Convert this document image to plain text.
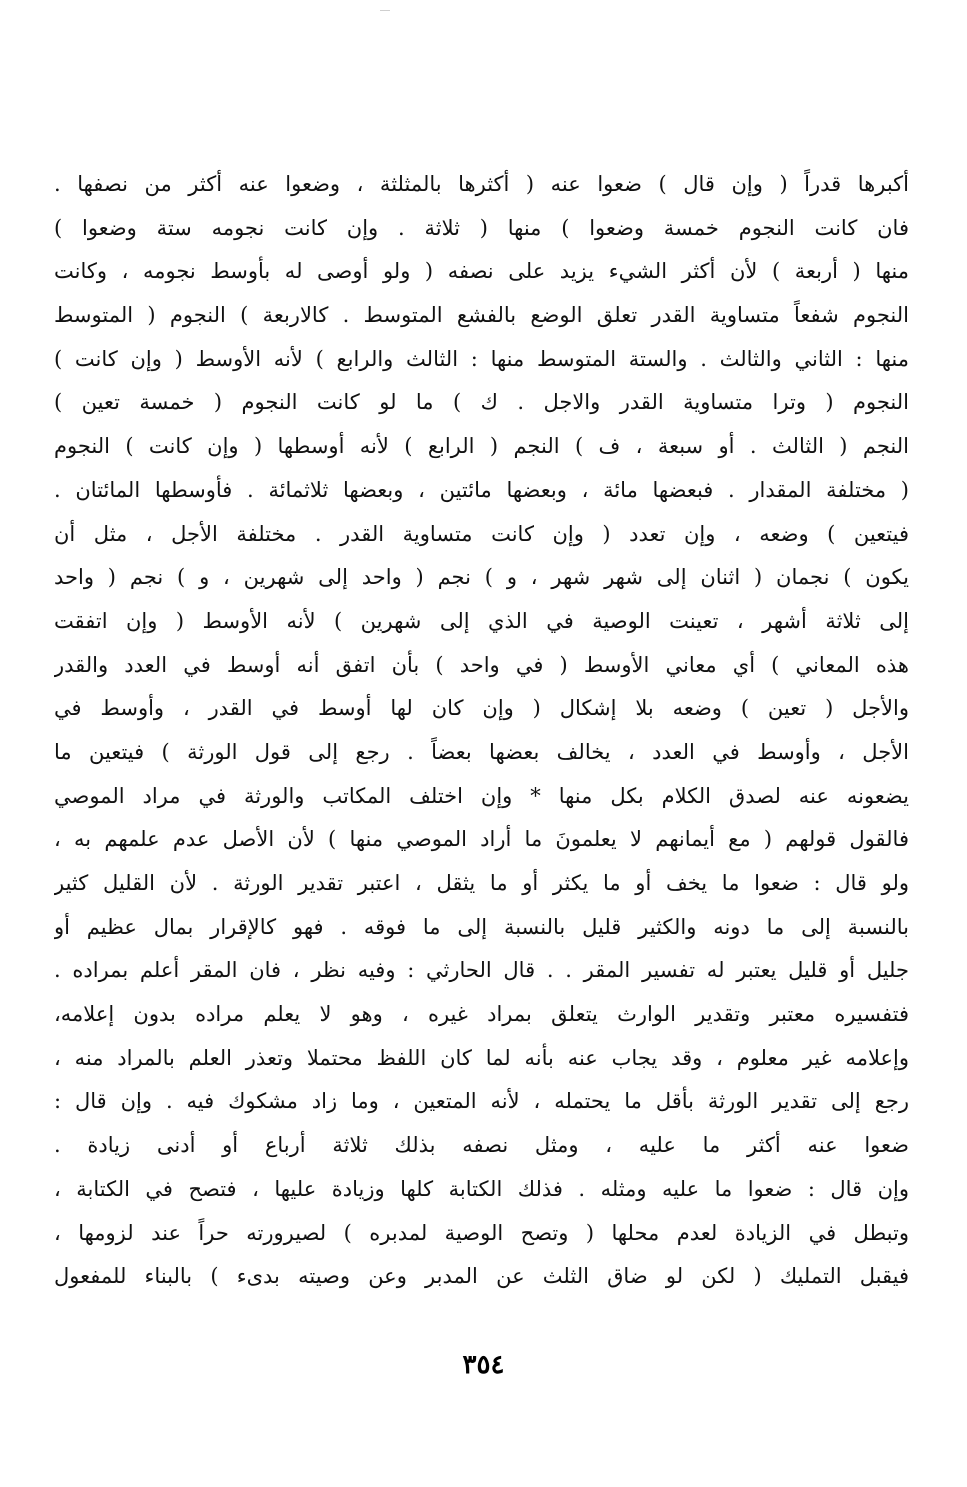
أكبرها قدراً ( وإن قال ) ضعوا عنه ( أكثرها بالمثلثة ، وضعوا عنه أكثر من نصفها .
فان كانت النجوم خمسة وضعوا ) منها ( ثلاثة . وإن كانت نجومه ستة وضعوا )
منها ( أربعة ) لأن أكثر الشيء يزيد على نصفه ( ولو أوصى له بأوسط نجومه ، وكانت
النجوم شفعاً متساوية القدر تعلق الوضع بالفشع المتوسط . كالاربعة ) النجوم ( المتوسط
منها : الثاني والثالث . والستة المتوسط منها : الثالث والرابع ) لأنه الأوسط ( وإن كانت )
النجوم ( وترا متساوية القدر والاجل . ك ) ما لو كانت النجوم ( خمسة تعين )
النجم ( الثالث . أو سبعة ، ف ) النجم ( الرابع ) لأنه أوسطها ( وإن كانت ) النجوم
( مختلفة المقدار . فبعضها مائة ، وبعضها مائتين ، وبعضها ثلاثمائة . فأوسطها المائتان .
فيتعين ) وضعه ، وإن تعدد ( وإن كانت متساوية القدر . مختلفة الأجل ، مثل أن
يكون ) نجمان ( اثنان إلى شهر شهر ، و ) نجم ( واحد إلى شهرين ، و ) نجم ( واحد
إلى ثلاثة أشهر ، تعينت الوصية في الذي إلى شهرين ) لأنه الأوسط ( وإن اتفقت
هذه المعاني ) أي معاني الأوسط ( في واحد ) بأن اتفق أنه أوسط في العدد والقدر
والأجل ( تعين ) وضعه بلا إشكال ( وإن كان لها أوسط في القدر ، وأوسط في
الأجل ، وأوسط في العدد ، يخالف بعضها بعضاً . رجع إلى قول الورثة ) فيتعين ما
يضعونه عنه لصدق الكلام بكل منها * وإن اختلف المكاتب والورثة في مراد الموصي
فالقول قولهم ( مع أيمانهم لا يعلمونَ ما أراد الموصي منها ) لأن الأصل عدم علمهم به ،
ولو قال : ضعوا ما يخف أو ما يكثر أو ما يثقل ، اعتبر تقدير الورثة . لأن القليل كثير
بالنسبة إلى ما دونه والكثير قليل بالنسبة إلى ما فوقه . فهو كالإقرار بمال عظيم أو
جليل أو قليل يعتبر له تفسير المقر . . قال الحارثي : وفيه نظر ، فان المقر أعلم بمراده .
فتفسيره معتبر وتقدير الوارث يتعلق بمراد غيره ، وهو لا يعلم مراده بدون إعلامه،
وإعلامه غير معلوم ، وقد يجاب عنه بأنه لما كان اللفظ محتملا وتعذر العلم بالمراد منه ،
رجع إلى تقدير الورثة بأقل ما يحتمله ، لأنه المتعين ، وما زاد مشكوك فيه . وإن قال :
ضعوا عنه أكثر ما عليه ، ومثل نصفه بذلك ثلاثة أرباع أو أدنى زيادة .
وإن قال : ضعوا ما عليه ومثله . فذلك الكتابة كلها وزيادة عليها ، فتصح في الكتابة ،
وتبطل في الزيادة لعدم محلها ( وتصح الوصية لمدبره ) لصيرورته حراً عند لزومها ،
فيقبل التمليك ( لكن لو ضاق الثلث عن المدبر وعن وصيته بدىء ) بالبناء للمفعول
٣٥٤
